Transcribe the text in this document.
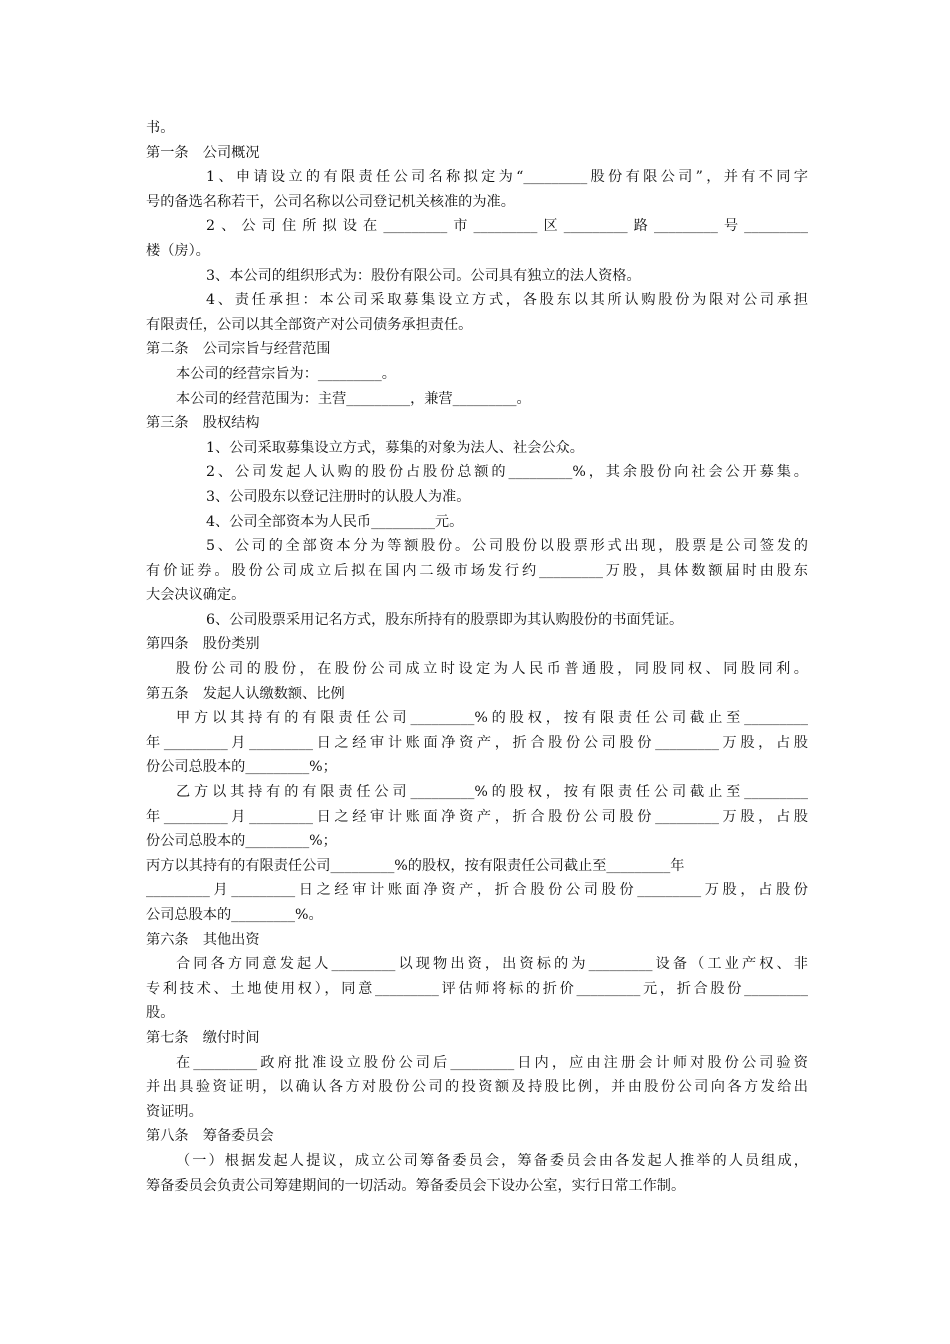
书。
第一条　公司概况
1、申请设立的有限责任公司名称拟定为“_________股份有限公司”，并有不同字
号的备选名称若干，公司名称以公司登记机关核准的为准。
2、公司住所拟设在_________市_________区_________路_________号_________
楼（房）。
3、本公司的组织形式为：股份有限公司。公司具有独立的法人资格。
4、责任承担：本公司采取募集设立方式，各股东以其所认购股份为限对公司承担
有限责任，公司以其全部资产对公司债务承担责任。
第二条　公司宗旨与经营范围
本公司的经营宗旨为：_________。
本公司的经营范围为：主营_________，兼营_________。
第三条　股权结构
1、公司采取募集设立方式，募集的对象为法人、社会公众。
2、公司发起人认购的股份占股份总额的_________%，其余股份向社会公开募集。
3、公司股东以登记注册时的认股人为准。
4、公司全部资本为人民币_________元。
5、公司的全部资本分为等额股份。公司股份以股票形式出现，股票是公司签发的
有价证券。股份公司成立后拟在国内二级市场发行约_________万股，具体数额届时由股东
大会决议确定。
6、公司股票采用记名方式，股东所持有的股票即为其认购股份的书面凭证。
第四条　股份类别
股份公司的股份，在股份公司成立时设定为人民币普通股，同股同权、同股同利。
第五条　发起人认缴数额、比例
甲方以其持有的有限责任公司_________%的股权，按有限责任公司截止至_________
年_________月_________日之经审计账面净资产，折合股份公司股份_________万股，占股
份公司总股本的_________%；
乙方以其持有的有限责任公司_________%的股权，按有限责任公司截止至_________
年_________月_________日之经审计账面净资产，折合股份公司股份_________万股，占股
份公司总股本的_________%；
丙方以其持有的有限责任公司_________%的股权，按有限责任公司截止至_________年
_________月_________日之经审计账面净资产，折合股份公司股份_________万股，占股份
公司总股本的_________%。
第六条　其他出资
合同各方同意发起人_________以现物出资，出资标的为_________设备（工业产权、非
专利技术、土地使用权），同意_________评估师将标的折价_________元，折合股份_________
股。
第七条　缴付时间
在_________政府批准设立股份公司后_________日内，应由注册会计师对股份公司验资
并出具验资证明，以确认各方对股份公司的投资额及持股比例，并由股份公司向各方发给出
资证明。
第八条　筹备委员会
（一）根据发起人提议，成立公司筹备委员会，筹备委员会由各发起人推举的人员组成，
筹备委员会负责公司筹建期间的一切活动。筹备委员会下设办公室，实行日常工作制。
